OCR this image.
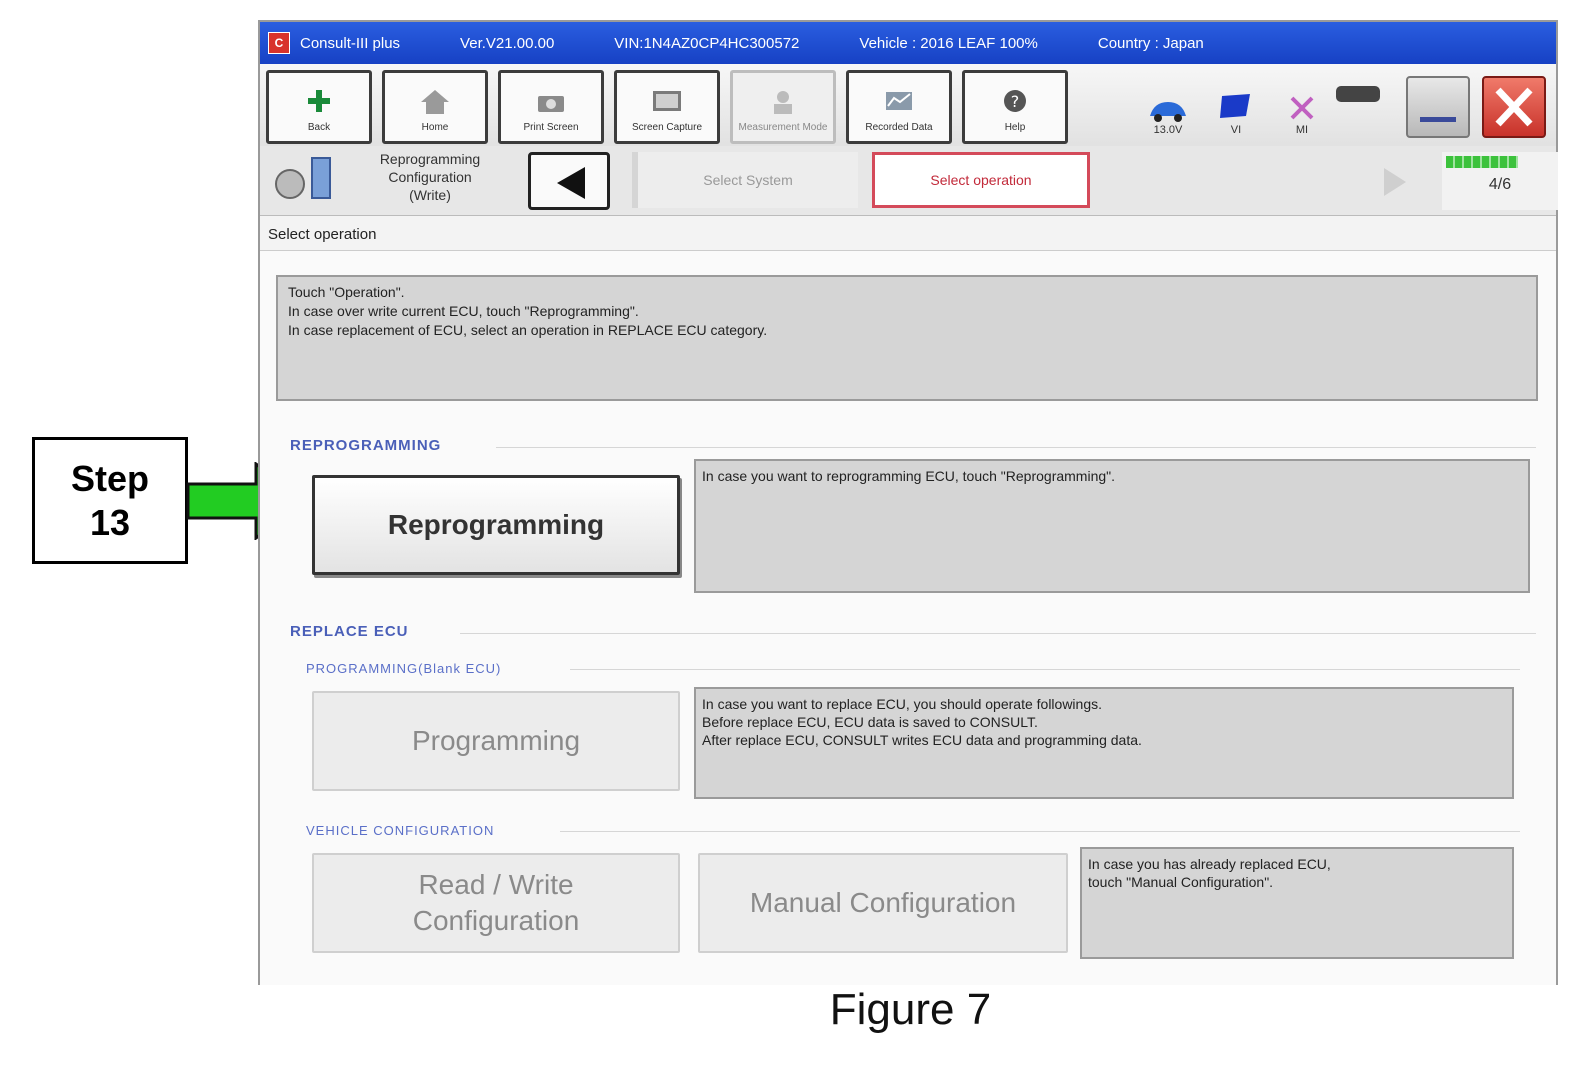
Step
13
Figure 7
C	Consult-III plus	Ver.V21.00.00	VIN:1N4AZ0CP4HC300572	Vehicle : 2016 LEAF 100%	Country : Japan
Back	Home	Print Screen	Screen Capture	Measurement Mode	Recorded Data
?
Help	13.0V	VI	MI
Reprogramming
Configuration
(Write)
Select System	Select operation	4/6
Select operation
Touch "Operation".
In case over write current ECU, touch "Reprogramming".
In case replacement of ECU, select an operation in REPLACE ECU category.
REPROGRAMMING
Reprogramming
In case you want to reprogramming ECU, touch "Reprogramming".
REPLACE ECU
PROGRAMMING(Blank ECU)
Programming
In case you want to replace ECU, you should operate followings.
Before replace ECU, ECU data is saved to CONSULT.
After replace ECU, CONSULT writes ECU data and programming data.
VEHICLE CONFIGURATION
Read / Write
Configuration
Manual Configuration
In case you has already replaced ECU,
touch "Manual Configuration".
